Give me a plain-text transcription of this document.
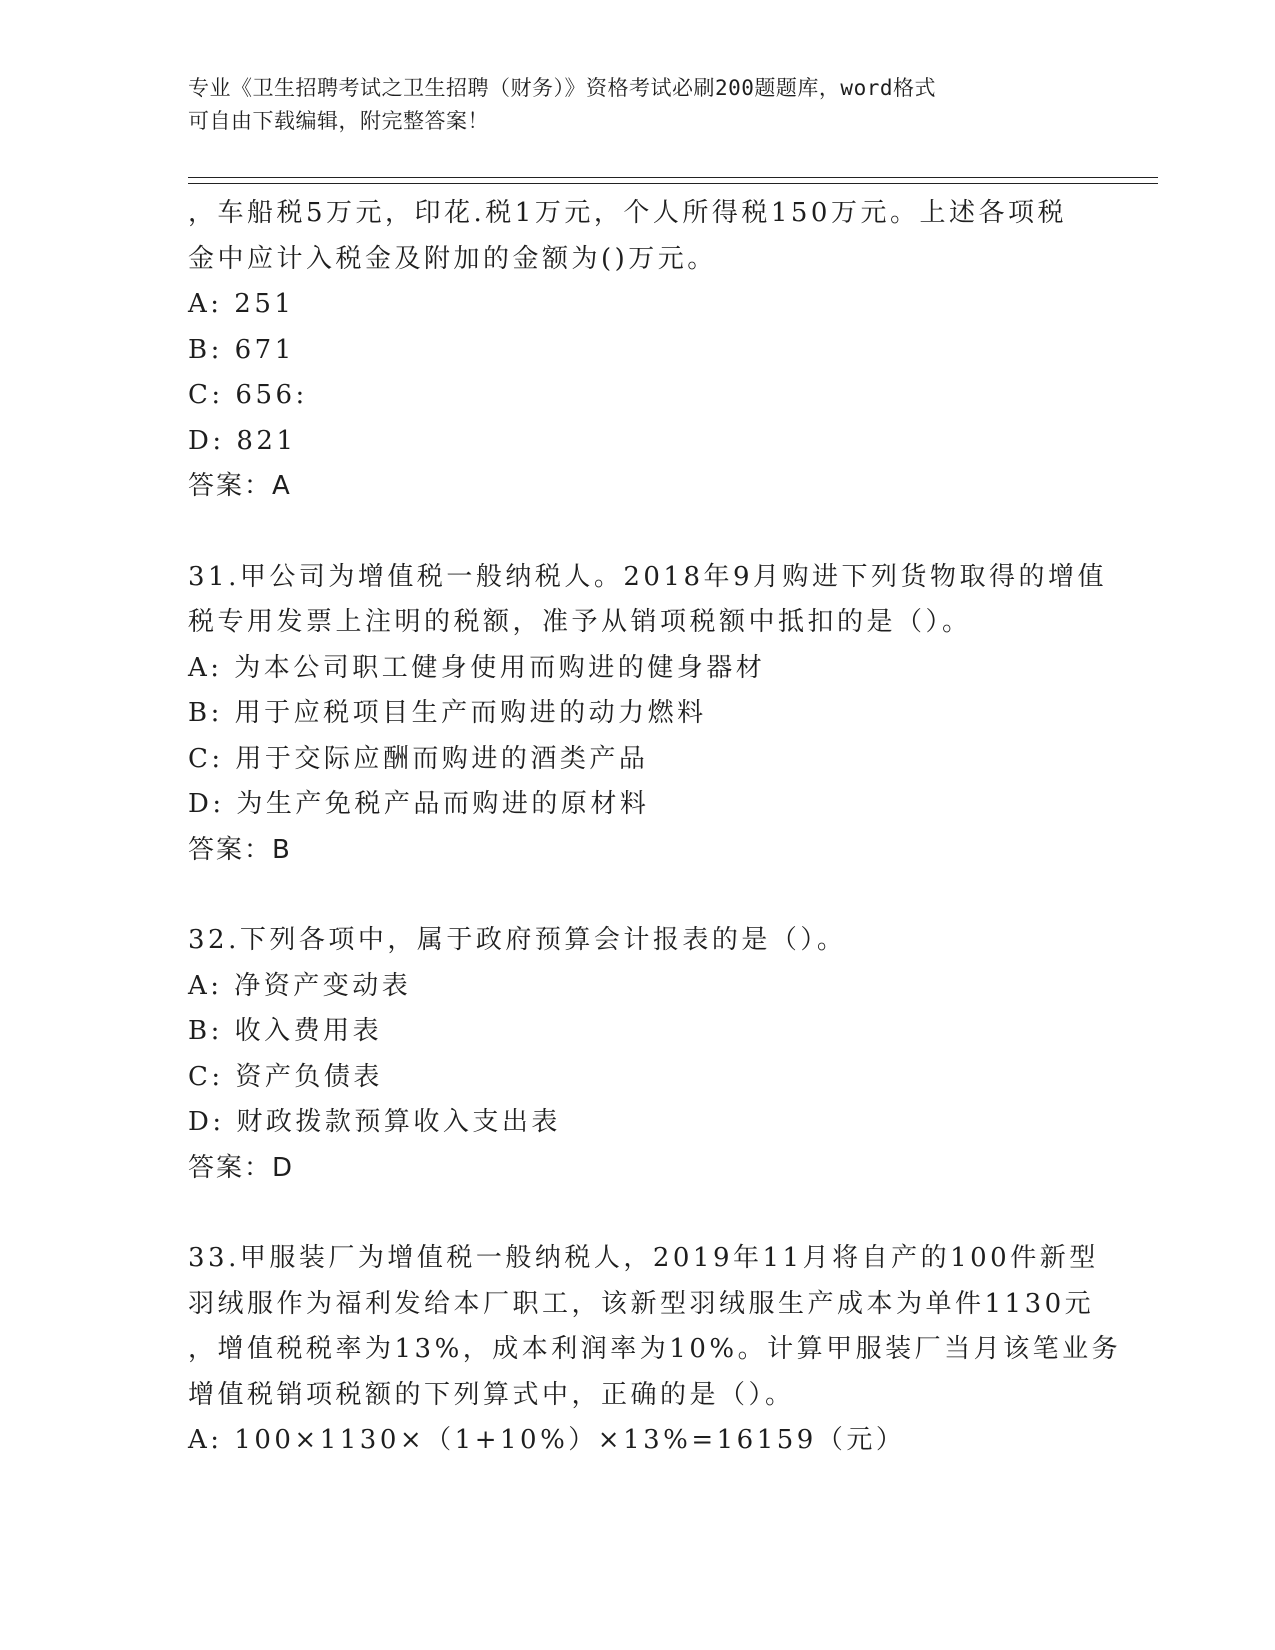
专业《卫生招聘考试之卫生招聘（财务）》资格考试必刷200题题库，word格式
可自由下载编辑，附完整答案！
，车船税5万元，印花.税1万元，个人所得税150万元。上述各项税
金中应计入税金及附加的金额为()万元。
A: 251
B: 671
C: 656:
D: 821
答案：A
31.甲公司为增值税一般纳税人。2018年9月购进下列货物取得的增值
税专用发票上注明的税额，准予从销项税额中抵扣的是（）。
A: 为本公司职工健身使用而购进的健身器材
B: 用于应税项目生产而购进的动力燃料
C: 用于交际应酬而购进的酒类产品
D: 为生产免税产品而购进的原材料
答案：B
32.下列各项中，属于政府预算会计报表的是（）。
A: 净资产变动表
B: 收入费用表
C: 资产负债表
D: 财政拨款预算收入支出表
答案：D
33.甲服装厂为增值税一般纳税人，2019年11月将自产的100件新型
羽绒服作为福利发给本厂职工，该新型羽绒服生产成本为单件1130元
，增值税税率为13%，成本利润率为10%。计算甲服装厂当月该笔业务
增值税销项税额的下列算式中，正确的是（）。
A: 100×1130×（1+10%）×13%=16159（元）
